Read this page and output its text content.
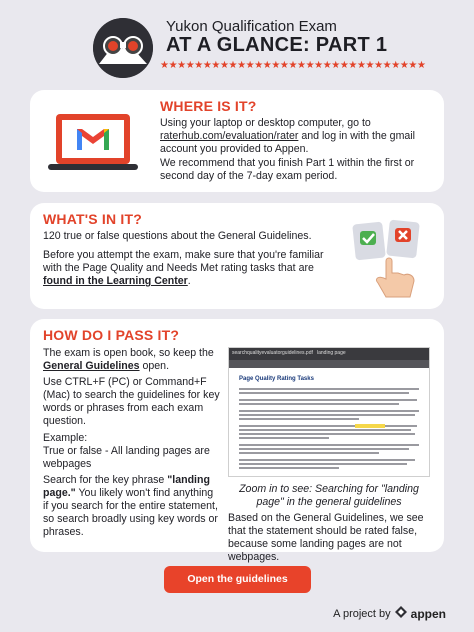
Yukon Qualification Exam
AT A GLANCE: PART 1
★★★★★★★★★★★★★★★★★★★★★★★★★★★★★★★
WHERE IS IT?
Using your laptop or desktop computer, go to raterhub.com/evaluation/rater and log in with the gmail account you provided to Appen.
We recommend that you finish Part 1 within the first or second day of the 7-day exam period.
WHAT'S IN IT?
120 true or false questions about the General Guidelines.
Before you attempt the exam, make sure that you're familiar with the Page Quality and Needs Met rating tasks that are found in the Learning Center.
HOW DO I PASS IT?
The exam is open book, so keep the General Guidelines open.
Use CTRL+F (PC) or Command+F (Mac) to search the guidelines for key words or phrases from each exam question.
Example:
True or false - All landing pages are webpages
Search for the key phrase "landing page." You likely won't find anything if you search for the entire statement, so search broadly using key words or phrases.
searchqualityevaluatorguidelines.pdf landing page
Page Quality Rating Tasks
Zoom in to see: Searching for "landing page" in the general guidelines
Based on the General Guidelines, we see that the statement should be rated false, because some landing pages are not webpages.
Open the guidelines
A project by appen
